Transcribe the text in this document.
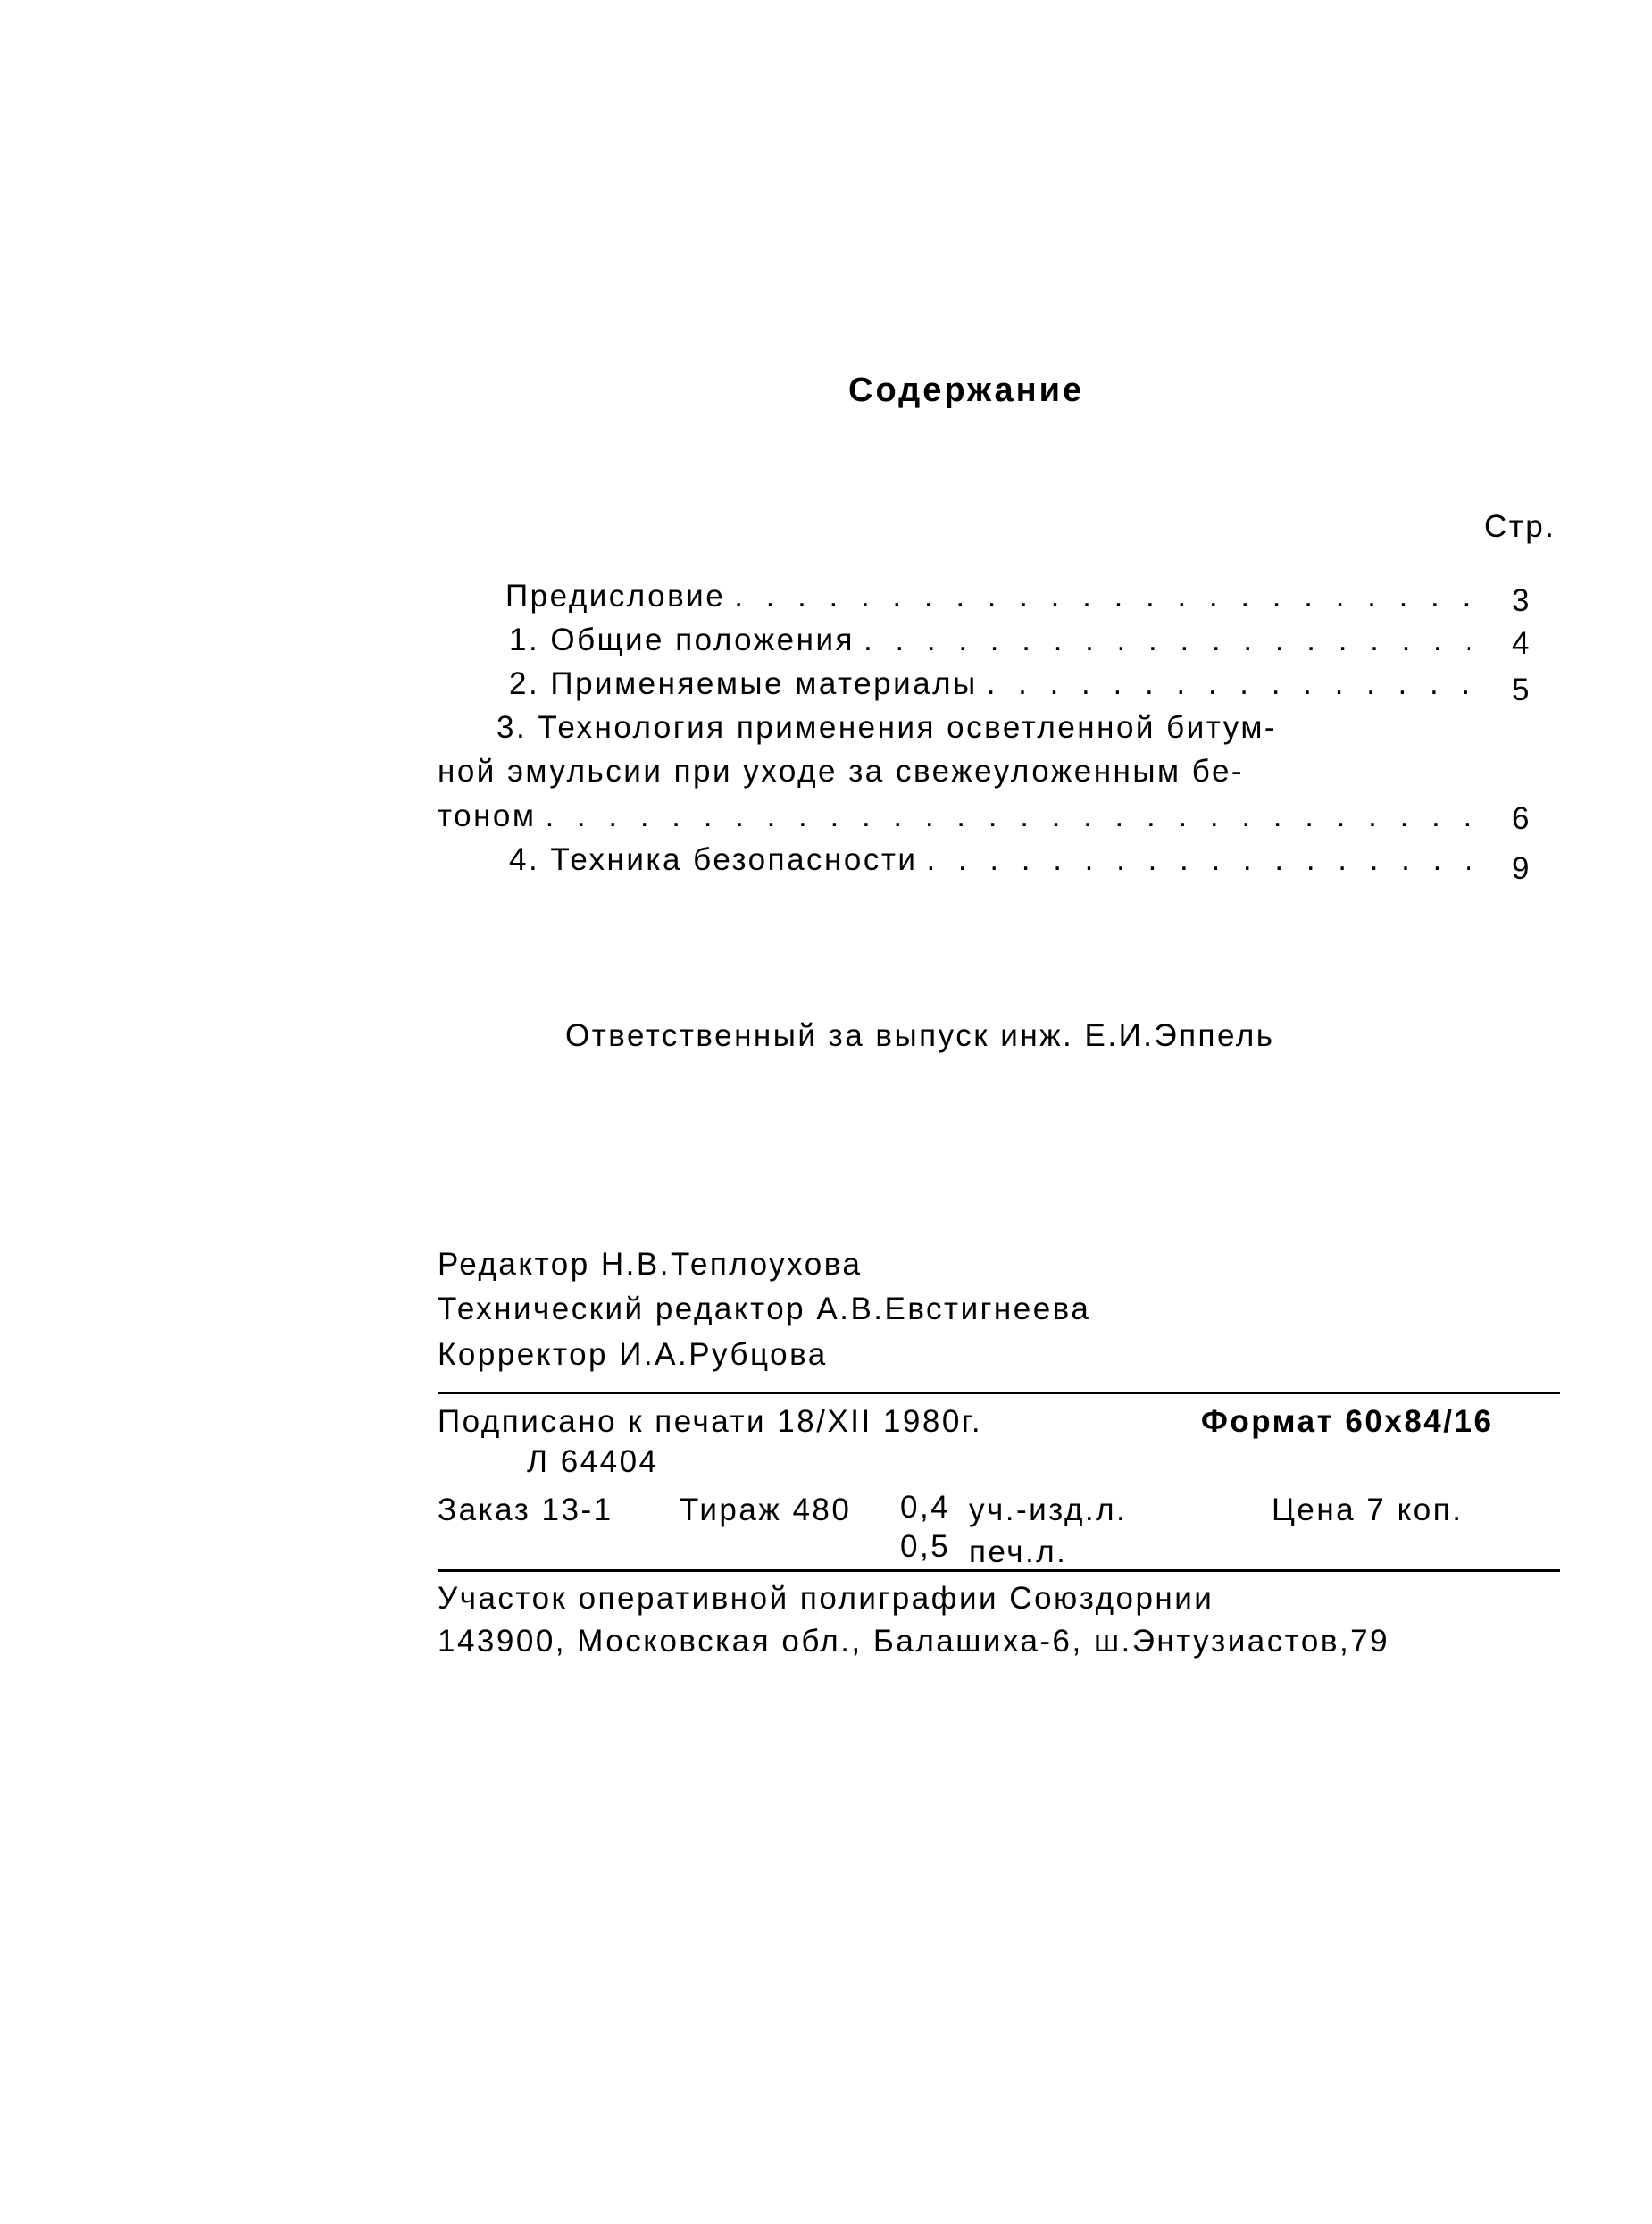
Содержание
Стр.
Предисловие . . .	3
1. Общие положения . . .	4
2. Применяемые материалы . . .	5
3. Технология применения осветленной битум-
ной эмульсии при уходе за свежеуложенным бе-
тоном . . .	6
4. Техника безопасности . . .	9
Ответственный за выпуск инж. Е.И.Эппель
Редактор Н.В.Теплоухова
Технический редактор А.В.Евстигнеева
Корректор И.А.Рубцова
Подписано к печати 18/XII 1980г.	Формат 60х84/16
Л 64404
Заказ 13-1 Тираж 480 0,4 уч.-изд.л.	Цена 7 коп.
0,5 печ.л.
Участок оперативной полиграфии Союздорнии
143900, Московская обл., Балашиха-6, ш.Энтузиастов,79
